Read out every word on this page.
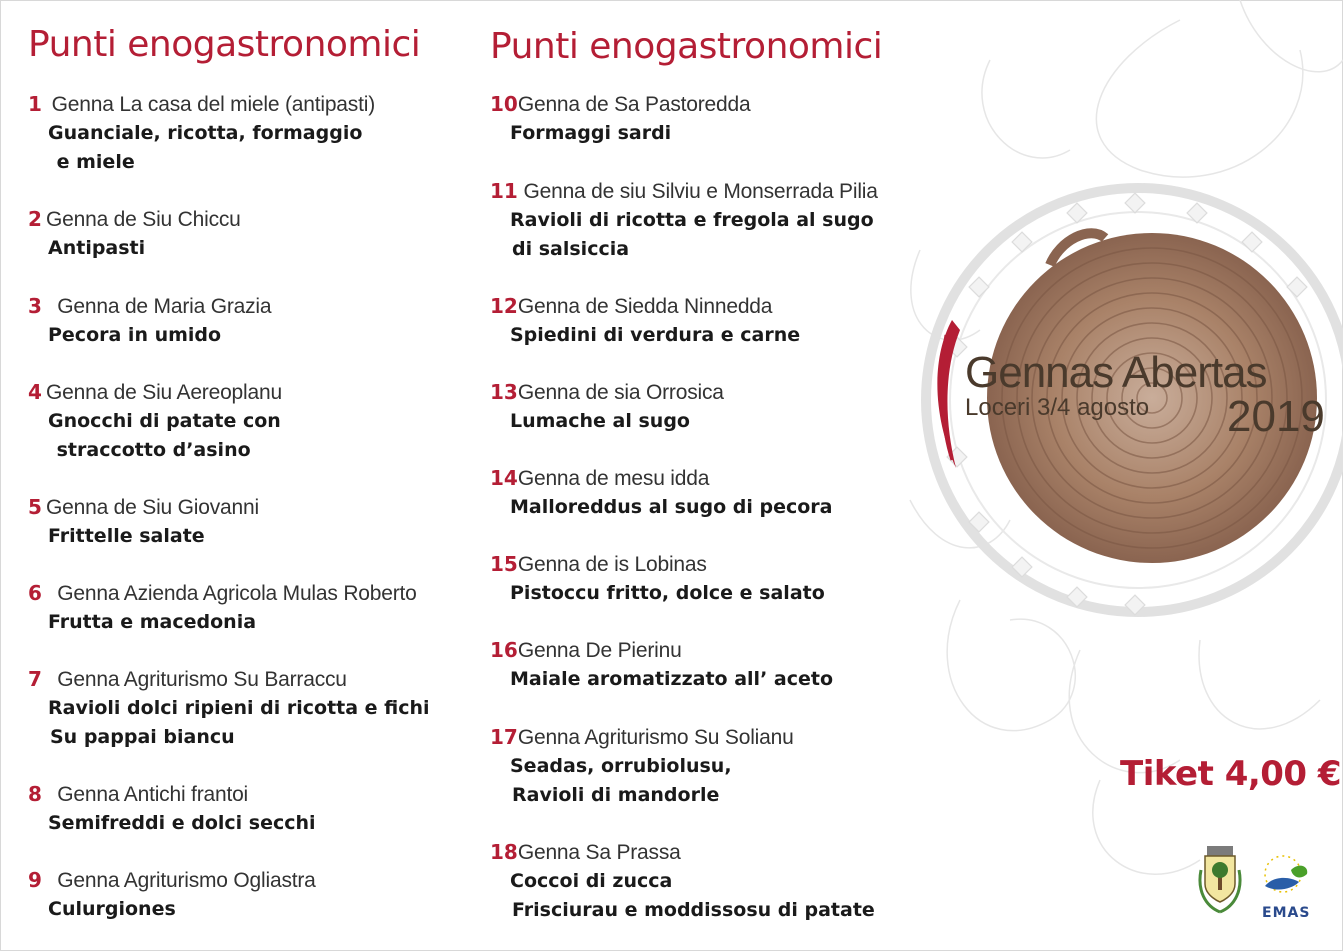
Punti enogastronomici
1 Genna La casa del miele (antipasti)
Guanciale, ricotta, formaggio
e miele
2 Genna de Siu Chiccu
Antipasti
3  Genna de Maria Grazia
Pecora in umido
4 Genna de Siu Aereoplanu
Gnocchi di patate con
straccotto d’asino
5 Genna de Siu Giovanni
Frittelle salate
6  Genna Azienda Agricola Mulas Roberto
Frutta e macedonia
7  Genna Agriturismo Su Barraccu
Ravioli dolci ripieni di ricotta e fichi
Su pappai biancu
8  Genna Antichi frantoi
Semifreddi e dolci secchi
9  Genna Agriturismo Ogliastra
Culurgiones
Punti enogastronomici
10Genna de Sa Pastoredda
Formaggi sardi
11 Genna de siu Silviu e Monserrada Pilia
Ravioli di ricotta e fregola al sugo
di salsiccia
12Genna de Siedda Ninnedda
Spiedini di verdura e carne
13Genna de sia Orrosica
Lumache al sugo
14Genna de mesu idda
Malloreddus al sugo di pecora
15Genna de is Lobinas
Pistoccu fritto, dolce e salato
16Genna De Pierinu
Maiale aromatizzato all’ aceto
17Genna Agriturismo Su Solianu
Seadas, orrubiolusu,
Ravioli di mandorle
18Genna Sa Prassa
Coccoi di zucca
Frisciurau e moddissosu di patate
Gennas Abertas
Loceri 3/4 agosto 2019
Tiket 4,00 €
EMAS
